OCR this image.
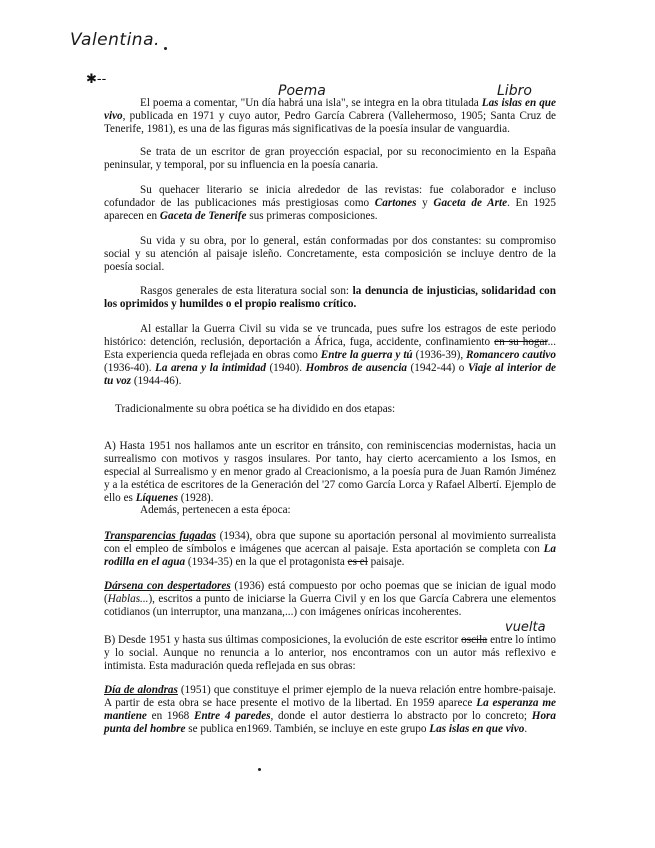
Valentina.
✱--
Poema	Libro
vuelta

El poema a comentar, "Un día habrá una isla", se integra en la obra titulada Las islas en que vivo, publicada en 1971 y cuyo autor, Pedro García Cabrera (Vallehermoso, 1905; Santa Cruz de Tenerife, 1981), es una de las figuras más significativas de la poesía insular de vanguardia.

Se trata de un escritor de gran proyección espacial, por su reconocimiento en la España peninsular, y temporal, por su influencia en la poesía canaria.

Su quehacer literario se inicia alrededor de las revistas: fue colaborador e incluso cofundador de las publicaciones más prestigiosas como Cartones y Gaceta de Arte. En 1925 aparecen en Gaceta de Tenerife sus primeras composiciones.

Su vida y su obra, por lo general, están conformadas por dos constantes: su compromiso social y su atención al paisaje isleño. Concretamente, esta composición se incluye dentro de la poesía social.

Rasgos generales de esta literatura social son: la denuncia de injusticias, solidaridad con los oprimidos y humildes o el propio realismo crítico.

Al estallar la Guerra Civil su vida se ve truncada, pues sufre los estragos de este periodo histórico: detención, reclusión, deportación a África, fuga, accidente, confinamiento en su hogar... Esta experiencia queda reflejada en obras como Entre la guerra y tú (1936-39), Romancero cautivo (1936-40). La arena y la intimidad (1940). Hombros de ausencia (1942-44) o Viaje al interior de tu voz (1944-46).

Tradicionalmente su obra poética se ha dividido en dos etapas:

A) Hasta 1951 nos hallamos ante un escritor en tránsito, con reminiscencias modernistas, hacia un surrealismo con motivos y rasgos insulares. Por tanto, hay cierto acercamiento a los Ismos, en especial al Surrealismo y en menor grado al Creacionismo, a la poesía pura de Juan Ramón Jiménez y a la estética de escritores de la Generación del '27 como García Lorca y Rafael Albertí. Ejemplo de ello es Líquenes (1928).

Además, pertenecen a esta época:

Transparencias fugadas (1934), obra que supone su aportación personal al movimiento surrealista con el empleo de símbolos e imágenes que acercan al paisaje. Esta aportación se completa con La rodilla en el agua (1934-35) en la que el protagonista es el paisaje.

Dársena con despertadores (1936) está compuesto por ocho poemas que se inician de igual modo (Hablas...), escritos a punto de iniciarse la Guerra Civil y en los que García Cabrera une elementos cotidianos (un interruptor, una manzana,...) con imágenes oníricas incoherentes.

B) Desde 1951 y hasta sus últimas composiciones, la evolución de este escritor oscila entre lo íntimo y lo social. Aunque no renuncia a lo anterior, nos encontramos con un autor más reflexivo e intimista. Esta maduración queda reflejada en sus obras:

Día de alondras (1951) que constituye el primer ejemplo de la nueva relación entre hombre-paisaje. A partir de esta obra se hace presente el motivo de la libertad. En 1959 aparece La esperanza me mantiene en 1968 Entre 4 paredes, donde el autor destierra lo abstracto por lo concreto; Hora punta del hombre se publica en1969. También, se incluye en este grupo Las islas en que vivo.
